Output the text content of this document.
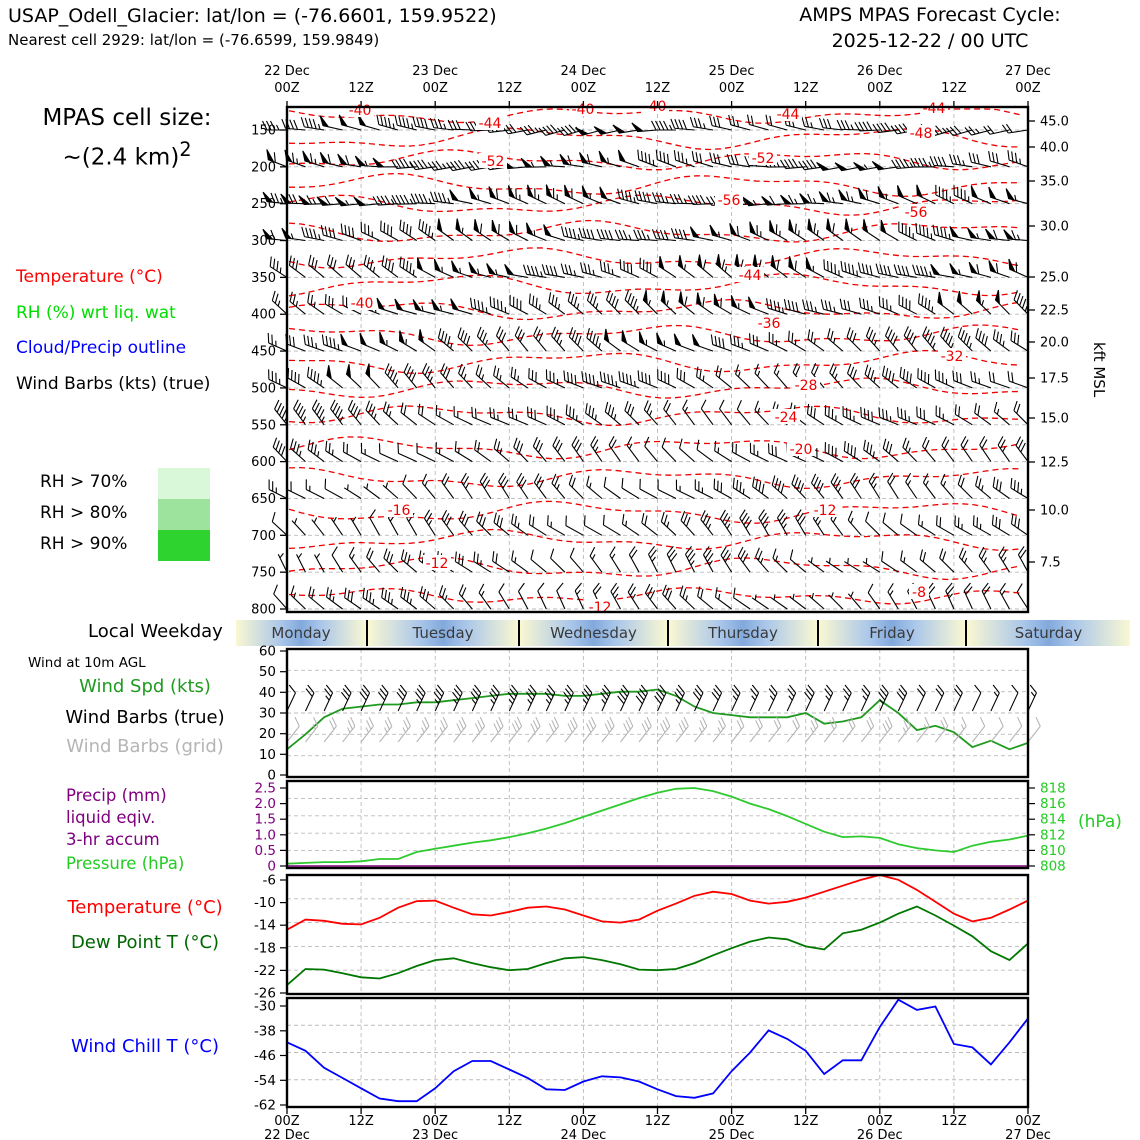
USAP_Odell_Glacier: lat/lon = (-76.6601, 159.9522)
Nearest cell 2929: lat/lon = (-76.6599, 159.9849)
AMPS MPAS Forecast Cycle:
2025-12-22 / 00 UTC
MPAS cell size:
~(2.4 km)$^2$
Temperature (°C)
RH (%) wrt liq. wat
Cloud/Precip outline
Wind Barbs (kts) (true)
RH > 70%
RH > 80%
RH > 90%
Local Weekday	Monday	Tuesday	Wednesday	Thursday	Friday	Saturday
Wind at 10m AGL
Wind Spd (kts)
Wind Barbs (true)
Wind Barbs (grid)
Precip (mm)
liquid eqiv.
3-hr accum
Pressure (hPa)
(hPa)
Temperature (°C)
Dew Point T (°C)
Wind Chill T (°C)
kft MSL
-40
-44
-40	-40	-44	-44
-48
-52	-52
-56
-56
-44
-40
-36
-32
-28
-24
-20
-16	-12
-12
-8
-12
150
200
250
300
350
400
450
500
550
600
650
700
750
800
45.0
40.0
35.0
30.0
25.0
22.5
20.0
17.5
15.0
12.5
10.0
7.5
00Z	12Z	00Z	12Z	00Z	12Z	00Z	12Z	00Z	12Z	00Z
22 Dec	23 Dec	24 Dec	25 Dec	26 Dec	27 Dec
60
50
40
30
20
10
0
2.5
2.0
1.5
1.0
0.5
0
818
816
814
812
810
808
-6
-10
-14
-18
-22
-26
-30
-38
-46
-54
-62
00Z	12Z	00Z	12Z	00Z	12Z	00Z	12Z	00Z	12Z	00Z
22 Dec	23 Dec	24 Dec	25 Dec	26 Dec	27 Dec
